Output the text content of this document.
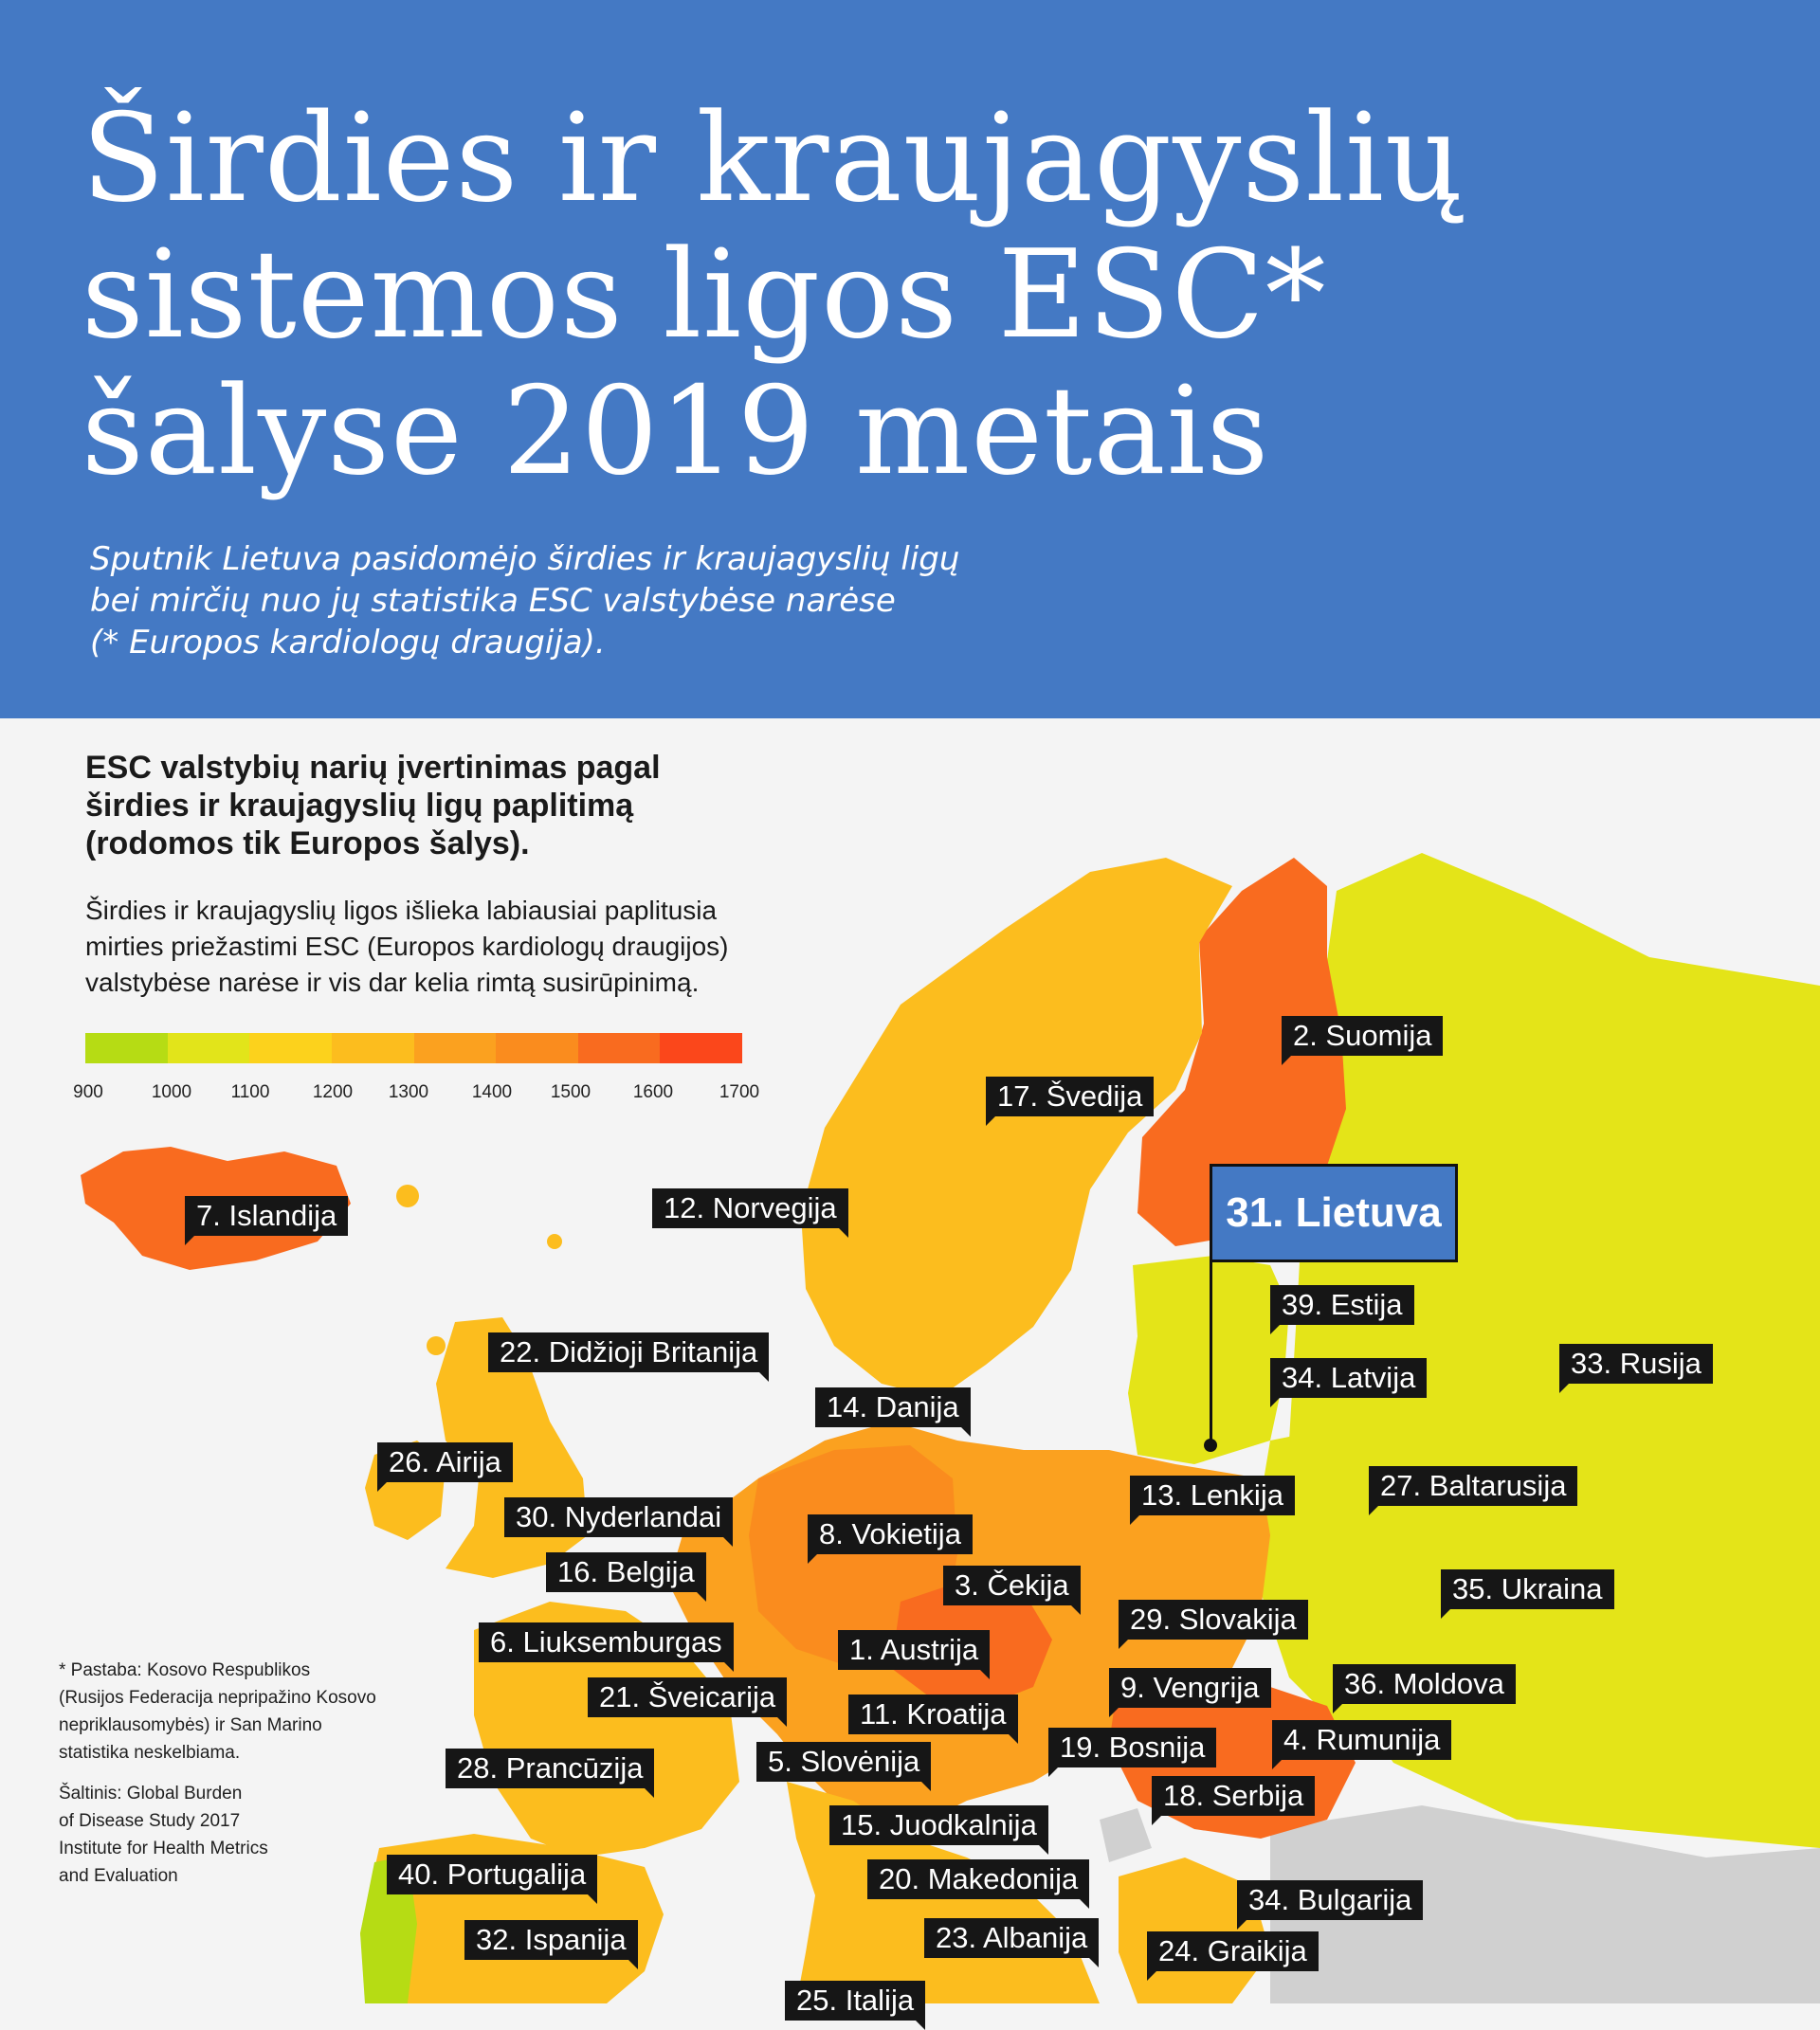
Širdies ir kraujagyslių
sistemos ligos ESC*
šalyse 2019 metais
Sputnik Lietuva pasidomėjo širdies ir kraujagyslių ligų
bei mirčių nuo jų statistika ESC valstybėse narėse
(* Europos kardiologų draugija).
ESC valstybių narių įvertinimas pagal
širdies ir kraujagyslių ligų paplitimą
(rodomos tik Europos šalys).
Širdies ir kraujagyslių ligos išlieka labiausiai paplitusia
mirties priežastimi ESC (Europos kardiologų draugijos)
valstybėse narėse ir vis dar kelia rimtą susirūpinimą.
900	1000 1100 1200 1300 1400 1500 1600	1700
2. Suomija
17. Švedija
7. Islandija	12. Norvegija
39. Estija
22. Didžioji Britanija
34. Latvija	33. Rusija
14. Danija
26. Airija
13. Lenkija	27. Baltarusija
30. Nyderlandai
8. Vokietija
16. Belgija	3. Čekija	35. Ukraina
29. Slovakija
6. Liuksemburgas	1. Austrija
21. Šveicarija	9. Vengrija	36. Moldova
11. Kroatija
19. Bosnija	4. Rumunija
28. Prancūzija	5. Slovėnija
18. Serbija
15. Juodkalnija
40. Portugalija	20. Makedonija
34. Bulgarija
23. Albanija
32. Ispanija	24. Graikija
25. Italija
31. Lietuva
* Pastaba: Kosovo Respublikos
(Rusijos Federacija nepripažino Kosovo
nepriklausomybės) ir San Marino
statistika neskelbiama.
Šaltinis: Global Burden
of Disease Study 2017
Institute for Health Metrics
and Evaluation
